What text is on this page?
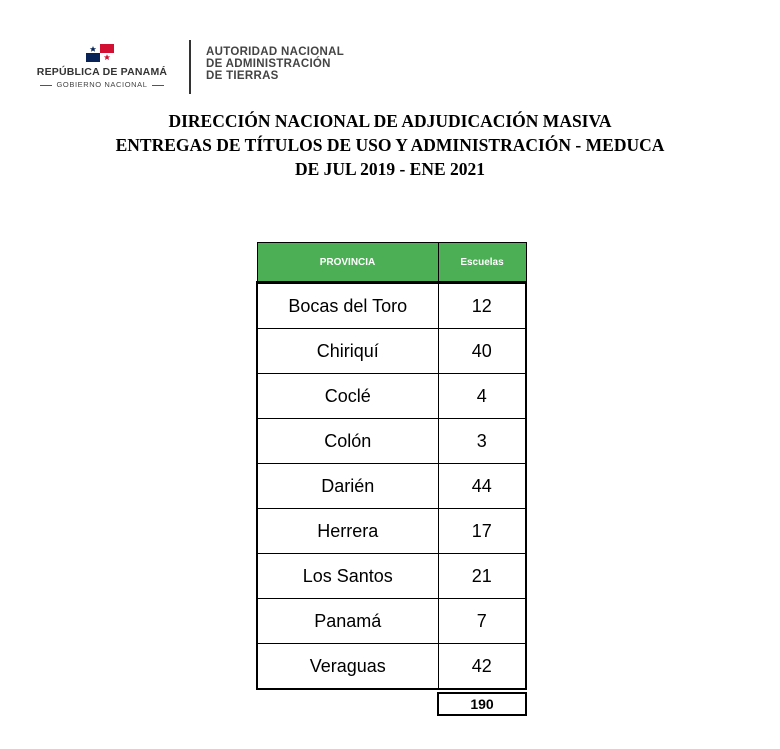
REPÚBLICA DE PANAMÁ
GOBIERNO NACIONAL
AUTORIDAD NACIONAL
DE ADMINISTRACIÓN
DE TIERRAS
DIRECCIÓN NACIONAL DE ADJUDICACIÓN MASIVA
ENTREGAS DE TÍTULOS DE USO Y ADMINISTRACIÓN - MEDUCA
DE JUL 2019 - ENE 2021
PROVINCIA	Escuelas
Bocas del Toro	12
Chiriquí	40
Coclé	4
Colón	3
Darién	44
Herrera	17
Los Santos	21
Panamá	7
Veraguas	42
190
